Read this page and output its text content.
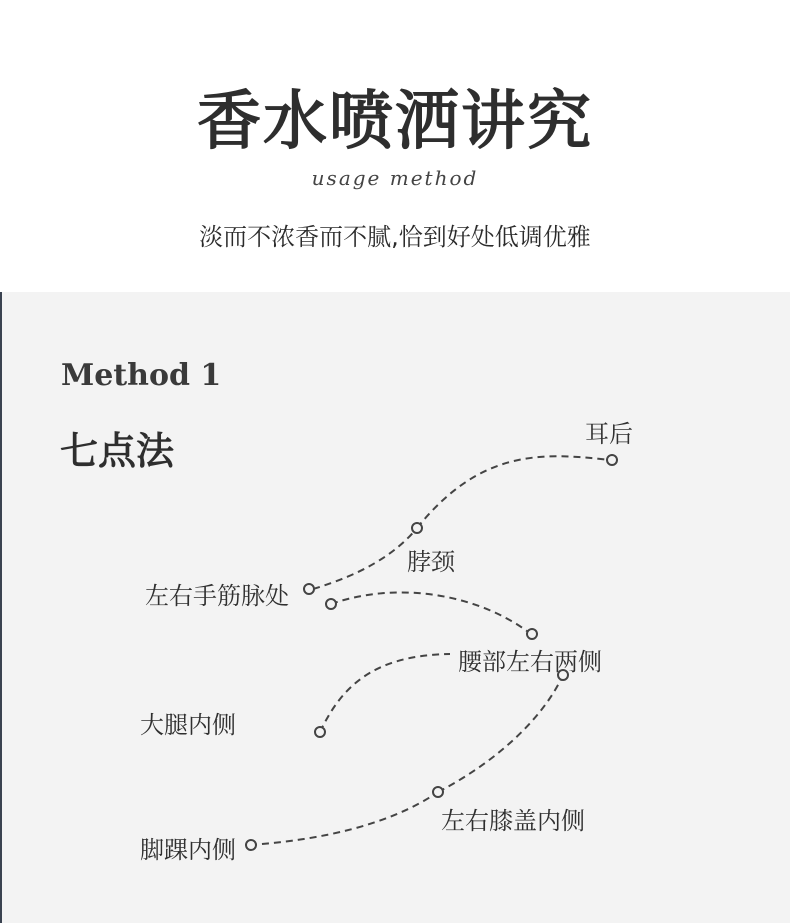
香水喷洒讲究
usage method
淡而不浓香而不腻,恰到好处低调优雅
Method 1
七点法	耳后
脖颈
左右手筋脉处
腰部左右两侧
大腿内侧
左右膝盖内侧
脚踝内侧
